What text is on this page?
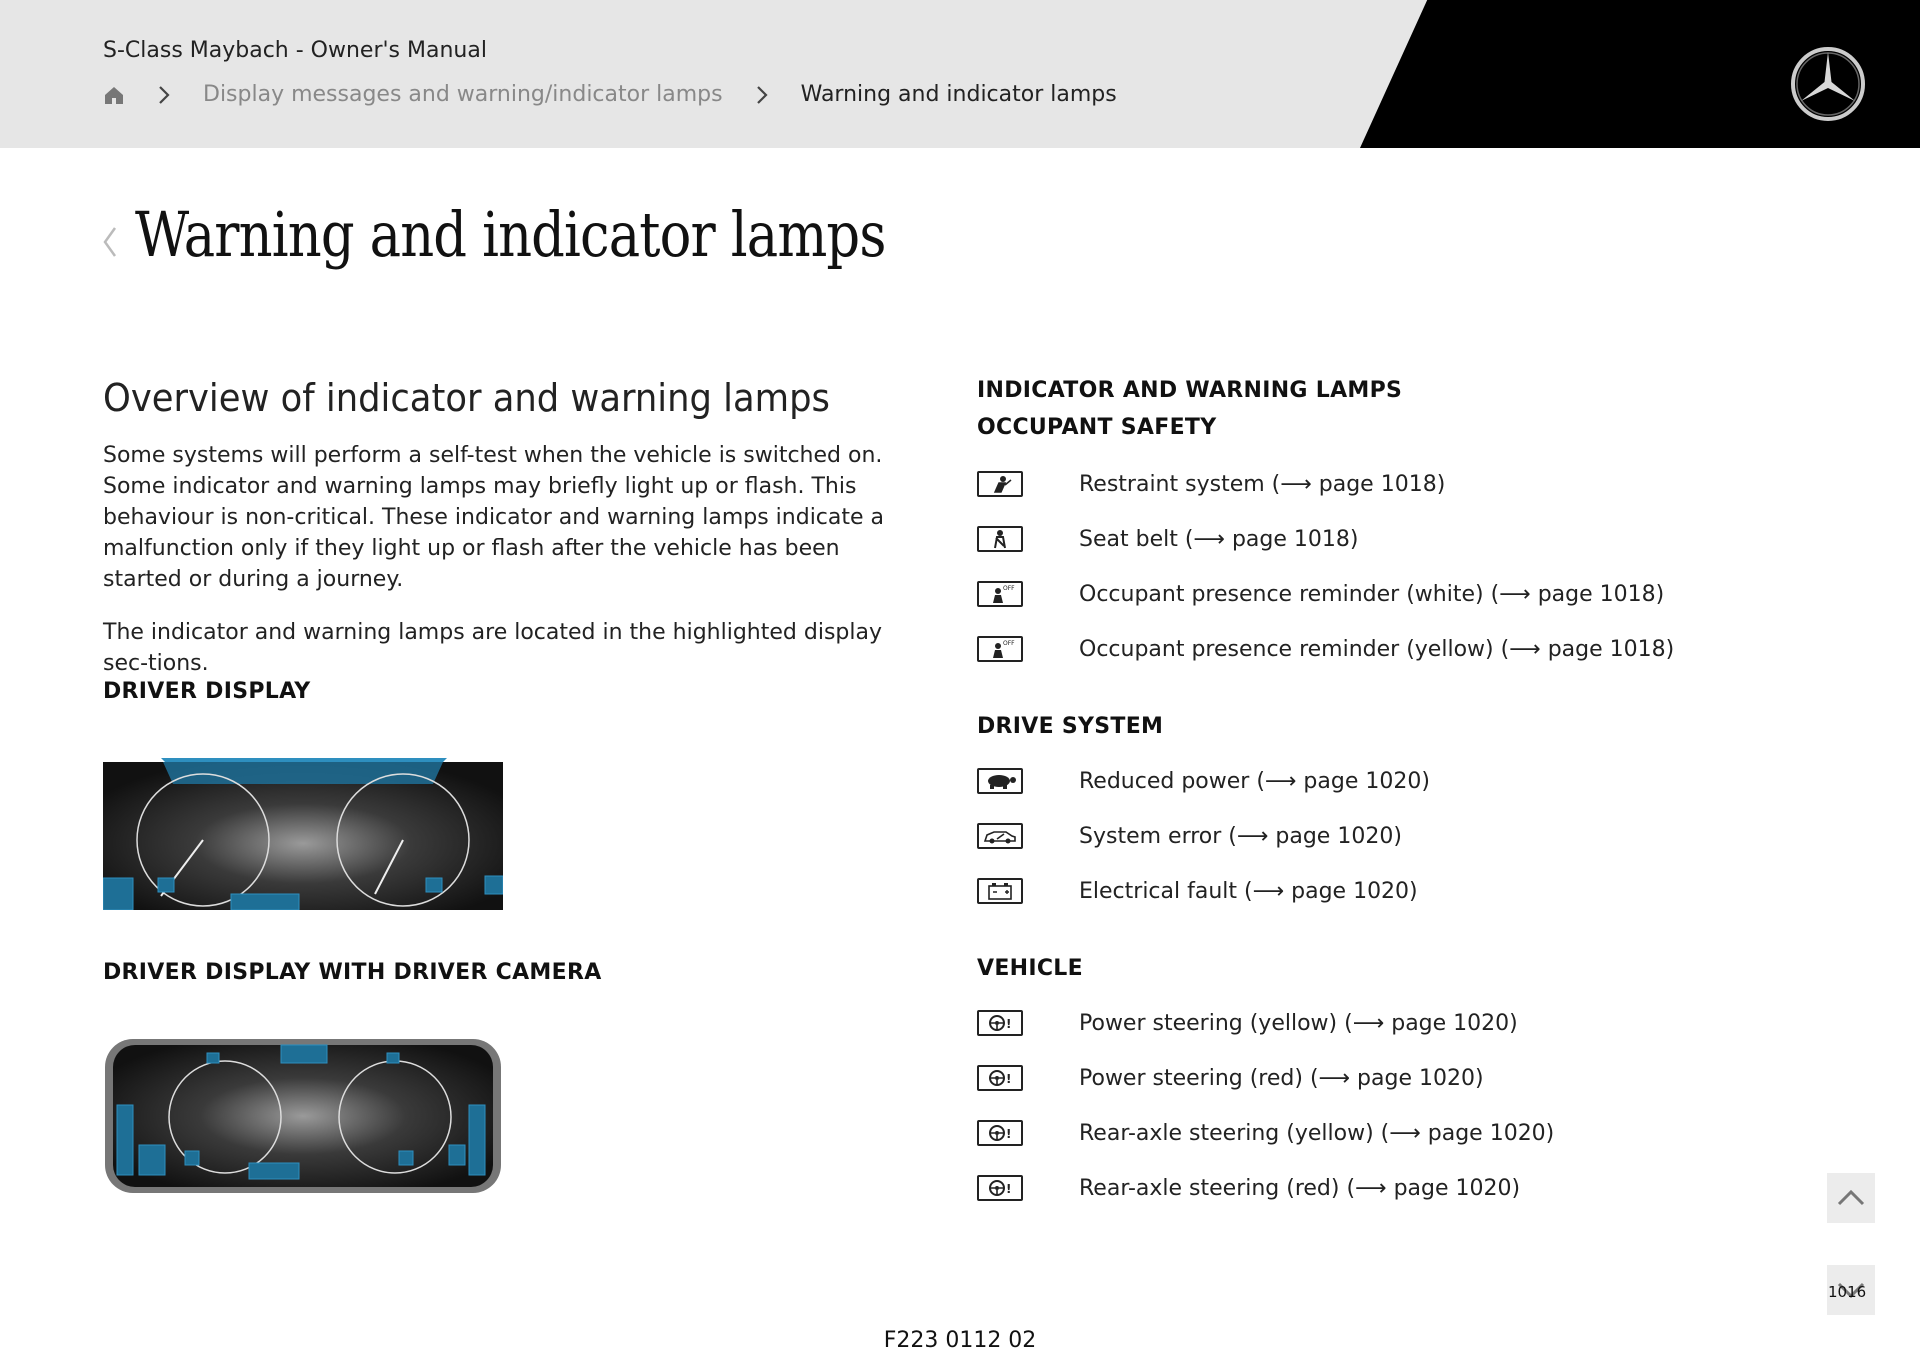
S-Class Maybach - Owner's Manual
Display messages and warning/indicator lamps	Warning and indicator lamps
Warning and indicator lamps
Overview of indicator and warning lamps

Some systems will perform a self-test when the vehicle is switched on. Some indicator and warning lamps may briefly light up or flash. This behaviour is non-critical. These indicator and warning lamps indicate a malfunction only if they light up or flash after the vehicle has been started or during a journey.

The indicator and warning lamps are located in the highlighted display sec-tions.

DRIVER DISPLAY
DRIVER DISPLAY WITH DRIVER CAMERA
INDICATOR AND WARNING LAMPS
OCCUPANT SAFETY
Restraint system (⟶ page 1018)
Seat belt (⟶ page 1018)
OFF	Occupant presence reminder (white) (⟶ page 1018)
OFF	Occupant presence reminder (yellow) (⟶ page 1018)
DRIVE SYSTEM
Reduced power (⟶ page 1020)
System error (⟶ page 1020)
Electrical fault (⟶ page 1020)
VEHICLE
!	Power steering (yellow) (⟶ page 1020)
!	Power steering (red) (⟶ page 1020)
!	Rear-axle steering (yellow) (⟶ page 1020)
!	Rear-axle steering (red) (⟶ page 1020)
1016
F223 0112 02
